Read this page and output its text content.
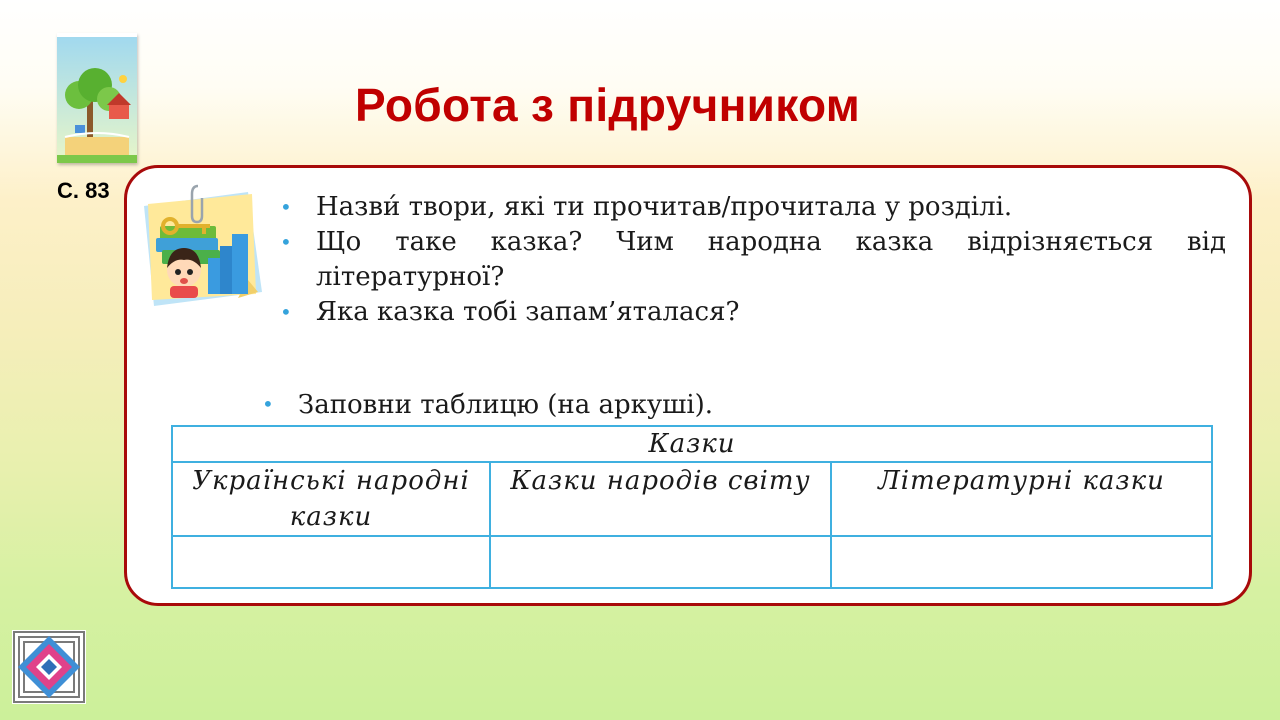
С. 83
Робота з підручником
• Назви́ твори, які ти прочитав/прочитала у розділі.
• Що таке казка? Чим народна казка відрізняється від літературної?
• Яка казка тобі запам’яталася?
• Заповни таблицю (на аркуші).
Казки		
Українські народні казки	Казки народів світу	Літературні казки
